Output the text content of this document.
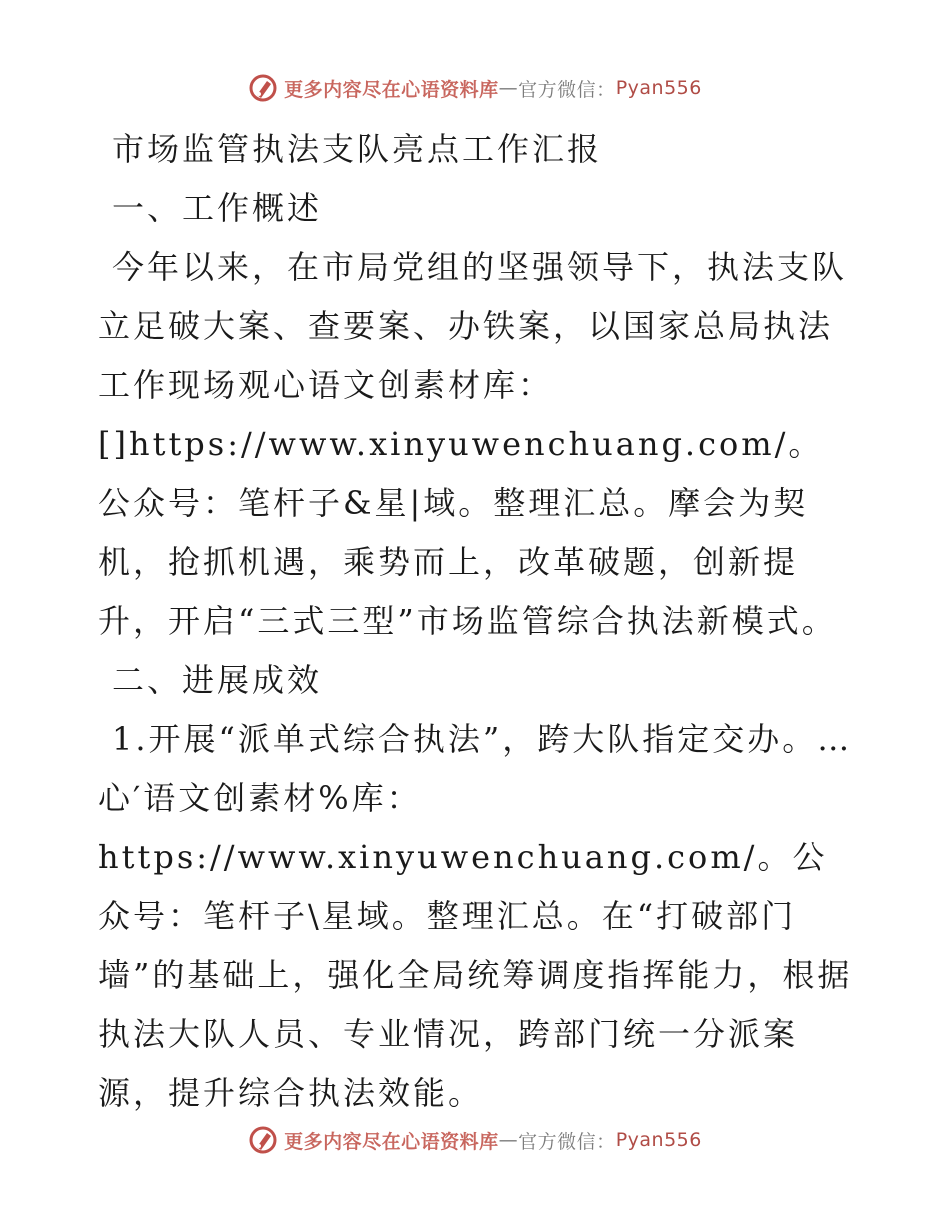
更多内容尽在心语资料库 — 官方微信： Pyan556

市场监管执法支队亮点工作汇报

一、工作概述

今年以来，在市局党组的坚强领导下，执法支队立足破大案、查要案、办铁案，以国家总局执法工作现场观心语文创素材库：[]https://www.xinyuwenchuang.com/。公众号：笔杆子&星|域。整理汇总。摩会为契机，抢抓机遇，乘势而上，改革破题，创新提升，开启“三式三型”市场监管综合执法新模式。

二、进展成效

1.开展“派单式综合执法”，跨大队指定交办。…心′语文创素材%库：https://www.xinyuwenchuang.com/。公众号：笔杆子\星域。整理汇总。在“打破部门墙”的基础上，强化全局统筹调度指挥能力，根据执法大队人员、专业情况，跨部门统一分派案源，提升综合执法效能。

更多内容尽在心语资料库 — 官方微信： Pyan556
